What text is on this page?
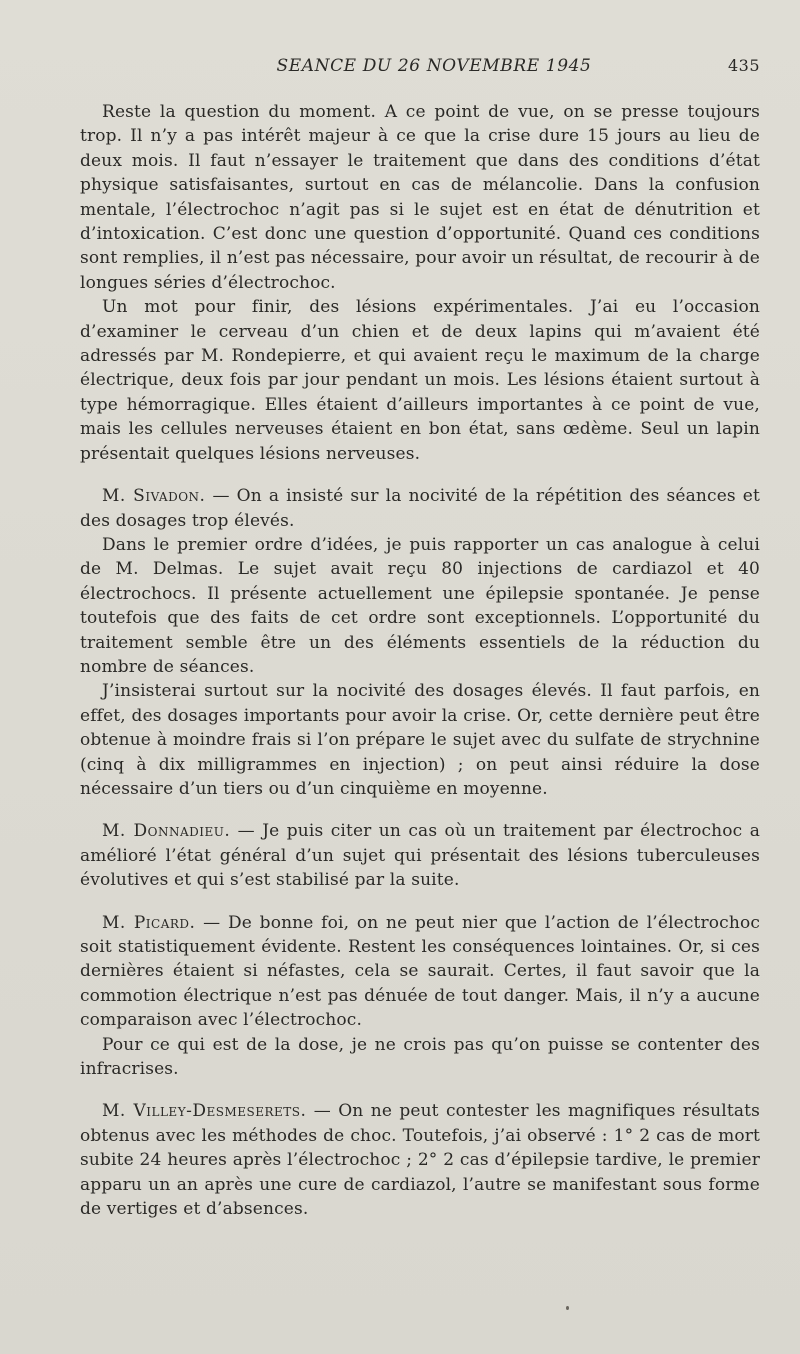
SEANCE DU 26 NOVEMBRE 1945	435

Reste la question du moment. A ce point de vue, on se presse toujours trop. Il n’y a pas intérêt majeur à ce que la crise dure 15 jours au lieu de deux mois. Il faut n’essayer le traitement que dans des conditions d’état physique satisfaisantes, surtout en cas de mélancolie. Dans la confusion mentale, l’électrochoc n’agit pas si le sujet est en état de dénutrition et d’intoxication. C’est donc une question d’opportunité. Quand ces conditions sont remplies, il n’est pas nécessaire, pour avoir un résultat, de recourir à de longues séries d’électrochoc.

Un mot pour finir, des lésions expérimentales. J’ai eu l’occasion d’examiner le cerveau d’un chien et de deux lapins qui m’avaient été adressés par M. Rondepierre, et qui avaient reçu le maximum de la charge électrique, deux fois par jour pendant un mois. Les lésions étaient surtout à type hémorragique. Elles étaient d’ailleurs importantes à ce point de vue, mais les cellules nerveuses étaient en bon état, sans œdème. Seul un lapin présentait quelques lésions nerveuses.

M. Sivadon. — On a insisté sur la nocivité de la répétition des séances et des dosages trop élevés.

Dans le premier ordre d’idées, je puis rapporter un cas analogue à celui de M. Delmas. Le sujet avait reçu 80 injections de cardiazol et 40 électrochocs. Il présente actuellement une épilepsie spontanée. Je pense toutefois que des faits de cet ordre sont exceptionnels. L’opportunité du traitement semble être un des éléments essentiels de la réduction du nombre de séances.

J’insisterai surtout sur la nocivité des dosages élevés. Il faut parfois, en effet, des dosages importants pour avoir la crise. Or, cette dernière peut être obtenue à moindre frais si l’on prépare le sujet avec du sulfate de strychnine (cinq à dix milligrammes en injection) ; on peut ainsi réduire la dose nécessaire d’un tiers ou d’un cinquième en moyenne.

M. Donnadieu. — Je puis citer un cas où un traitement par électrochoc a amélioré l’état général d’un sujet qui présentait des lésions tuberculeuses évolutives et qui s’est stabilisé par la suite.

M. Picard. — De bonne foi, on ne peut nier que l’action de l’électrochoc soit statistiquement évidente. Restent les conséquences lointaines. Or, si ces dernières étaient si néfastes, cela se saurait. Certes, il faut savoir que la commotion électrique n’est pas dénuée de tout danger. Mais, il n’y a aucune comparaison avec l’électrochoc.

Pour ce qui est de la dose, je ne crois pas qu’on puisse se contenter des infracrises.

M. Villey-Desmeserets. — On ne peut contester les magnifiques résultats obtenus avec les méthodes de choc. Toutefois, j’ai observé : 1° 2 cas de mort subite 24 heures après l’électrochoc ; 2° 2 cas d’épilepsie tardive, le premier apparu un an après une cure de cardiazol, l’autre se manifestant sous forme de vertiges et d’absences.
